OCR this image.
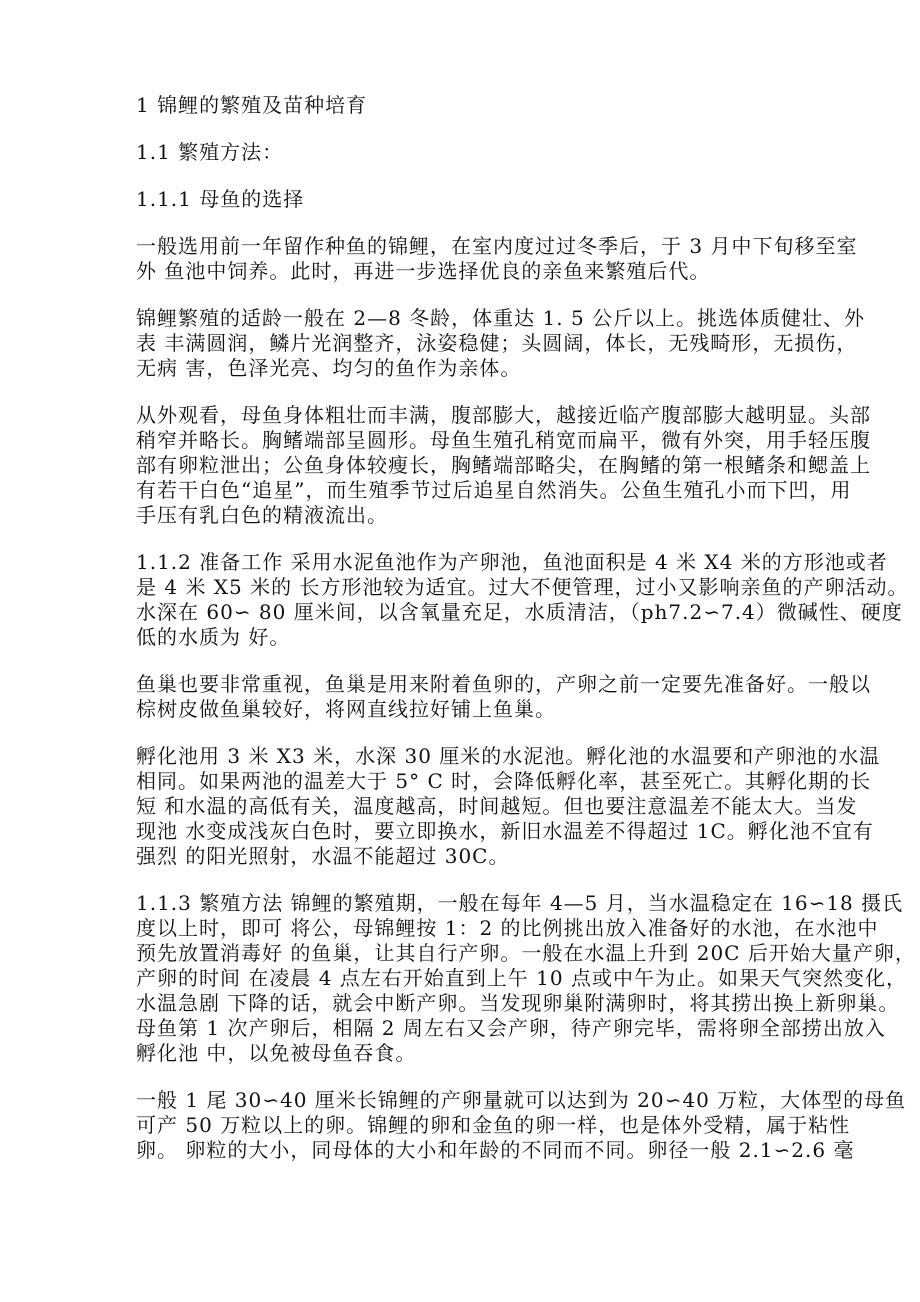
1 锦鲤的繁殖及苗种培育
1.1 繁殖方法：
1.1.1 母鱼的选择
一般选用前一年留作种鱼的锦鲤，在室内度过过冬季后，于 3 月中下旬移至室
外 鱼池中饲养。此时，再进一步选择优良的亲鱼来繁殖后代。
锦鲤繁殖的适龄一般在 2—8 冬龄，体重达 1. 5 公斤以上。挑选体质健壮、外
表 丰满圆润，鳞片光润整齐，泳姿稳健；头圆阔，体长，无残畸形，无损伤，
无病 害，色泽光亮、均匀的鱼作为亲体。
从外观看，母鱼身体粗壮而丰满，腹部膨大，越接近临产腹部膨大越明显。头部
稍窄并略长。胸鳍端部呈圆形。母鱼生殖孔稍宽而扁平，微有外突，用手轻压腹
部有卵粒泄出；公鱼身体较瘦长，胸鳍端部略尖，在胸鳍的第一根鳍条和鳃盖上
有若干白色“追星”，而生殖季节过后追星自然消失。公鱼生殖孔小而下凹，用
手压有乳白色的精液流出。
1.1.2 准备工作 采用水泥鱼池作为产卵池，鱼池面积是 4 米 X4 米的方形池或者
是 4 米 X5 米的 长方形池较为适宜。过大不便管理，过小又影响亲鱼的产卵活动。
水深在 60∽ 80 厘米间，以含氧量充足，水质清洁，（ph7.2∽7.4）微碱性、硬度
低的水质为 好。
鱼巢也要非常重视，鱼巢是用来附着鱼卵的，产卵之前一定要先准备好。一般以
棕树皮做鱼巢较好，将网直线拉好铺上鱼巢。
孵化池用 3 米 X3 米，水深 30 厘米的水泥池。孵化池的水温要和产卵池的水温
相同。如果两池的温差大于 5° C 时，会降低孵化率，甚至死亡。其孵化期的长
短 和水温的高低有关，温度越高，时间越短。但也要注意温差不能太大。当发
现池 水变成浅灰白色时，要立即换水，新旧水温差不得超过 1C。孵化池不宜有
强烈 的阳光照射，水温不能超过 30C。
1.1.3 繁殖方法 锦鲤的繁殖期，一般在每年 4—5 月，当水温稳定在 16∽18 摄氏
度以上时，即可 将公，母锦鲤按 1：2 的比例挑出放入准备好的水池，在水池中
预先放置消毒好 的鱼巢，让其自行产卵。一般在水温上升到 20C 后开始大量产卵，
产卵的时间 在凌晨 4 点左右开始直到上午 10 点或中午为止。如果天气突然变化，
水温急剧 下降的话，就会中断产卵。当发现卵巢附满卵时，将其捞出换上新卵巢。
母鱼第 1 次产卵后，相隔 2 周左右又会产卵，待产卵完毕，需将卵全部捞出放入
孵化池 中，以免被母鱼吞食。
一般 1 尾 30∽40 厘米长锦鲤的产卵量就可以达到为 20∽40 万粒，大体型的母鱼
可产 50 万粒以上的卵。锦鲤的卵和金鱼的卵一样，也是体外受精，属于粘性
卵。 卵粒的大小，同母体的大小和年龄的不同而不同。卵径一般 2.1∽2.6 毫
